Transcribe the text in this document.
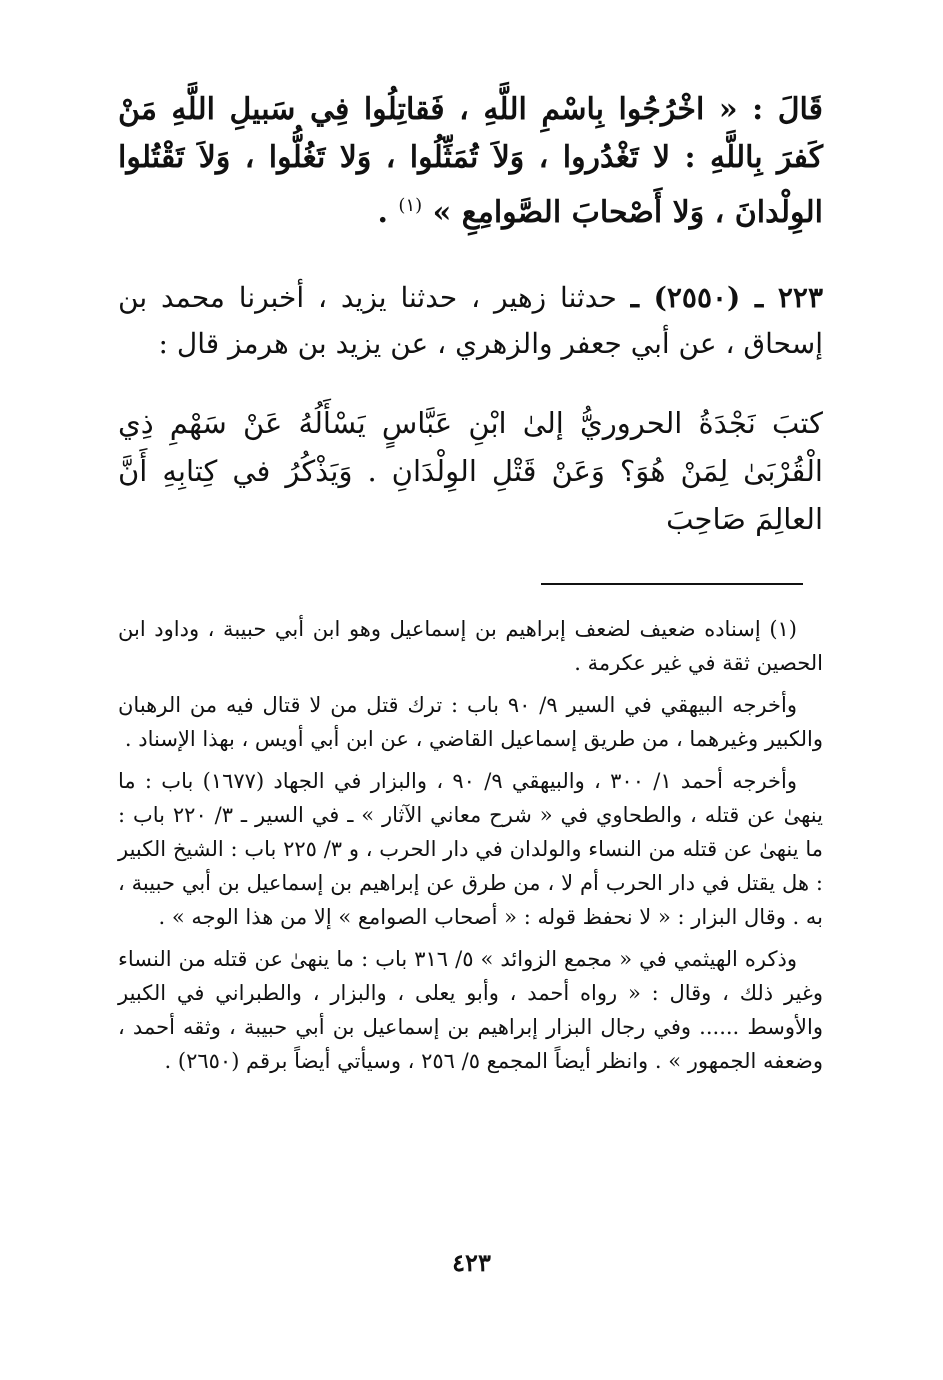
قَالَ : « اخْرُجُوا بِاسْمِ اللَّهِ ، فَقاتِلُوا فِي سَبيلِ اللَّهِ مَنْ كَفرَ بِاللَّهِ : لا تَغْدُروا ، وَلاَ تُمَثِّلُوا ، وَلا تَغُلُّوا ، وَلاَ تَقْتُلوا الوِلْدانَ ، وَلا أَصْحابَ الصَّوامِعِ » $^{(١)}$ .

٢٢٣ ـ (٢٥٥٠) ـ حدثنا زهير ، حدثنا يزيد ، أخبرنا محمد بن إسحاق ، عن أبي جعفر والزهري ، عن يزيد بن هرمز قال :

كتبَ نَجْدَةُ الحروريُّ إلىٰ ابْنِ عَبَّاسٍ يَسْأَلُهُ عَنْ سَهْمِ ذِي الْقُرْبَىٰ لِمَنْ هُوَ؟ وَعَنْ قَتْلِ الوِلْدَانِ . وَيَذْكُرُ في كِتابِهِ أَنَّ العالِمَ صَاحِبَ

(١) إسناده ضعيف لضعف إبراهيم بن إسماعيل وهو ابن أبي حبيبة ، وداود ابن الحصين ثقة في غير عكرمة .

وأخرجه البيهقي في السير ٩/ ٩٠ باب : ترك قتل من لا قتال فيه من الرهبان والكبير وغيرهما ، من طريق إسماعيل القاضي ، عن ابن أبي أويس ، بهذا الإسناد .

وأخرجه أحمد ١/ ٣٠٠ ، والبيهقي ٩/ ٩٠ ، والبزار في الجهاد (١٦٧٧) باب : ما ينهىٰ عن قتله ، والطحاوي في « شرح معاني الآثار » ـ في السير ـ ٣/ ٢٢٠ باب : ما ينهىٰ عن قتله من النساء والولدان في دار الحرب ، و ٣/ ٢٢٥ باب : الشيخ الكبير : هل يقتل في دار الحرب أم لا ، من طرق عن إبراهيم بن إسماعيل بن أبي حبيبة ، به . وقال البزار : « لا نحفظ قوله : « أصحاب الصوامع » إلا من هذا الوجه » .

وذكره الهيثمي في « مجمع الزوائد » ٥/ ٣١٦ باب : ما ينهىٰ عن قتله من النساء وغير ذلك ، وقال : « رواه أحمد ، وأبو يعلى ، والبزار ، والطبراني في الكبير والأوسط ...... وفي رجال البزار إبراهيم بن إسماعيل بن أبي حبيبة ، وثقه أحمد ، وضعفه الجمهور » . وانظر أيضاً المجمع ٥/ ٢٥٦ ، وسيأتي أيضاً برقم (٢٦٥٠) .

٤٢٣
